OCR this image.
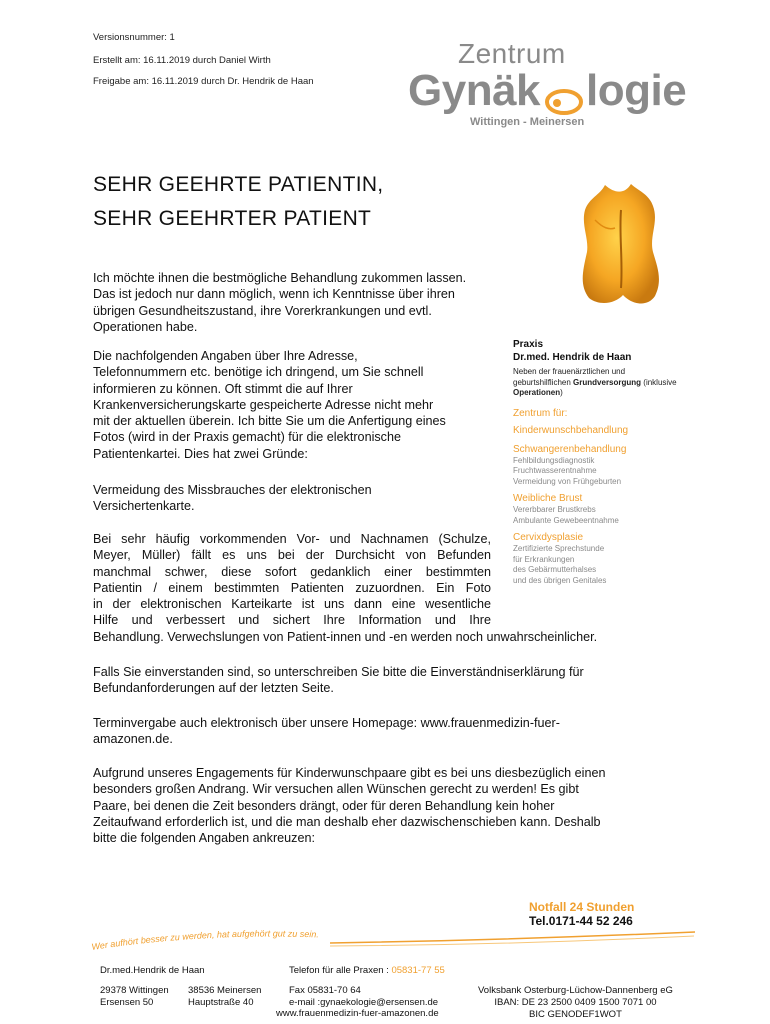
Versionsnummer: 1
Erstellt am: 16.11.2019 durch Daniel Wirth
Freigabe am: 16.11.2019 durch Dr. Hendrik de Haan
Zentrum
Gynäk logie
Wittingen - Meinersen
SEHR GEEHRTE PATIENTIN,
SEHR GEEHRTER PATIENT

Ich möchte ihnen die bestmögliche Behandlung zukommen lassen.

Das ist jedoch nur dann möglich, wenn ich Kenntnisse über ihren

übrigen Gesundheitszustand, ihre Vorerkrankungen und evtl.

Operationen habe.

Die nachfolgenden Angaben über Ihre Adresse,

Telefonnummern etc. benötige ich dringend, um Sie schnell

informieren zu können. Oft stimmt die auf Ihrer

Krankenversicherungskarte gespeicherte Adresse nicht mehr

mit der aktuellen überein. Ich bitte Sie um die Anfertigung eines

Fotos (wird in der Praxis gemacht) für die elektronische

Patientenkartei. Dies hat zwei Gründe:

Vermeidung des Missbrauches der elektronischen

Versichertenkarte.

Bei sehr häufig vorkommenden Vor- und Nachnamen (Schulze,

Meyer, Müller) fällt es uns bei der Durchsicht von Befunden

manchmal schwer, diese sofort gedanklich einer bestimmten

Patientin / einem bestimmten Patienten zuzuordnen. Ein Foto

in der elektronischen Karteikarte ist uns dann eine wesentliche

Hilfe und verbessert und sichert Ihre Information und Ihre

Behandlung. Verwechslungen von Patient-innen und -en werden noch unwahrscheinlicher.

Falls Sie einverstanden sind, so unterschreiben Sie bitte die Einverständniserklärung für

Befundanforderungen auf der letzten Seite.

Terminvergabe auch elektronisch über unsere Homepage: www.frauenmedizin-fuer-

amazonen.de.

Aufgrund unseres Engagements für Kinderwunschpaare gibt es bei uns diesbezüglich einen

besonders großen Andrang. Wir versuchen allen Wünschen gerecht zu werden! Es gibt

Paare, bei denen die Zeit besonders drängt, oder für deren Behandlung kein hoher

Zeitaufwand erforderlich ist, und die man deshalb eher dazwischenschieben kann. Deshalb

bitte die folgenden Angaben ankreuzen:

Praxis
Dr.med. Hendrik de Haan
Neben der frauenärztlichen und
geburtshilflichen Grundversorgung (inklusive
Operationen)
Zentrum für:
Kinderwunschbehandlung
Schwangerenbehandlung
Fehlbildungsdiagnostik
Fruchtwasserentnahme
Vermeidung von Frühgeburten
Weibliche Brust
Vererbbarer Brustkrebs
Ambulante Gewebeentnahme
Cervixdysplasie
Zertifizierte Sprechstunde
für Erkrankungen
des Gebärmutterhalses
und des übrigen Genitales
Notfall 24 Stunden
Tel.0171-44 52 246
Wer aufhört besser zu werden, hat aufgehört gut zu sein.
Dr.med.Hendrik de Haan	Telefon für alle Praxen : 05831-77 55
29378 Wittingen
Ersensen 50
38536 Meinersen
Hauptstraße 40
Fax 05831-70 64
e-mail :gynaekologie@ersensen.de
www.frauenmedizin-fuer-amazonen.de
Volksbank Osterburg-Lüchow-Dannenberg eG
IBAN: DE 23 2500 0409 1500 7071 00
BIC GENODEF1WOT
